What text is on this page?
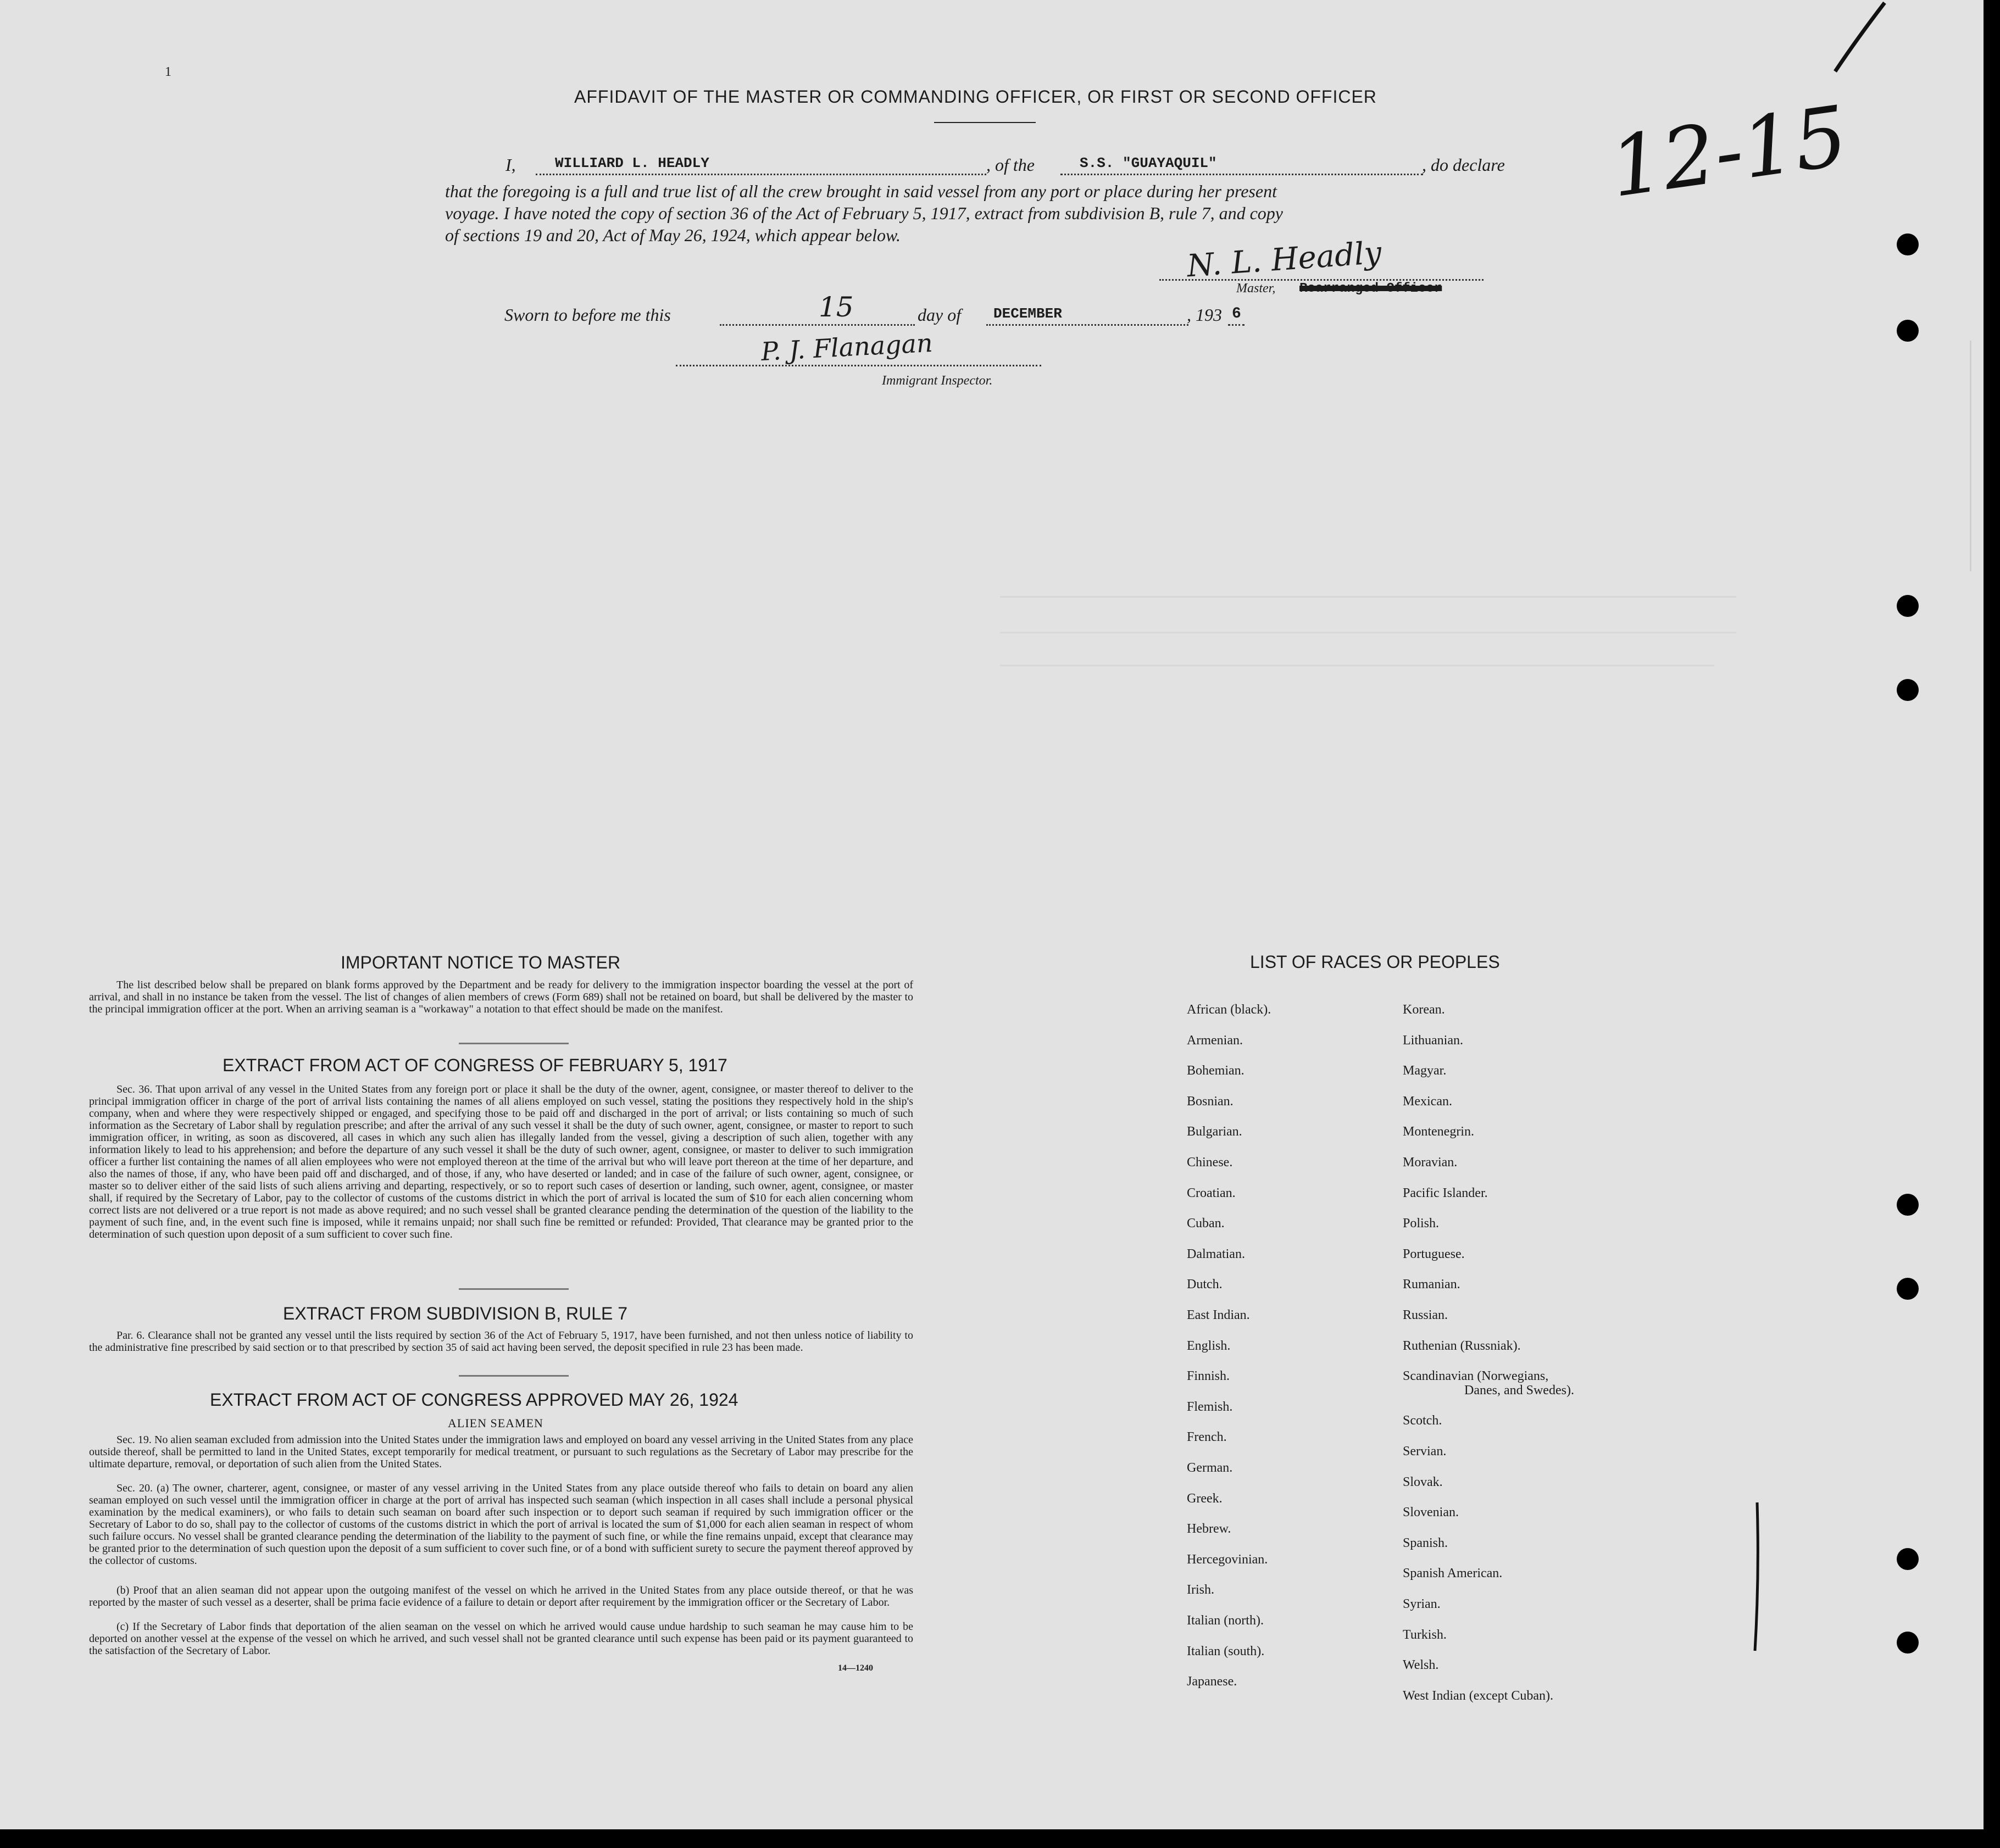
1
12-15
AFFIDAVIT OF THE MASTER OR COMMANDING OFFICER, OR FIRST OR SECOND OFFICER
I,	WILLIARD L. HEADLY	, of the	S.S. "GUAYAQUIL"	, do declare
that the foregoing is a full and true list of all the crew brought in said vessel from any port or place during her present
voyage. I have noted the copy of section 36 of the Act of February 5, 1917, extract from subdivision B, rule 7, and copy
of sections 19 and 20, Act of May 26, 1924, which appear below.	N. L. Headly
Master, Rearranged Officer
Sworn to before me this	15	day of DECEMBER	, 193 6
P. J. Flanagan
Immigrant Inspector.
IMPORTANT NOTICE TO MASTER
The list described below shall be prepared on blank forms approved by the Department and be ready for delivery to the immigration inspector boarding the vessel at the port of arrival, and shall in no instance be taken from the vessel. The list of changes of alien members of crews (Form 689) shall not be retained on board, but shall be delivered by the master to the principal immigration officer at the port. When an arriving seaman is a "workaway" a notation to that effect should be made on the manifest.
EXTRACT FROM ACT OF CONGRESS OF FEBRUARY 5, 1917
Sec. 36. That upon arrival of any vessel in the United States from any foreign port or place it shall be the duty of the owner, agent, consignee, or master thereof to deliver to the principal immigration officer in charge of the port of arrival lists containing the names of all aliens employed on such vessel, stating the positions they respectively hold in the ship's company, when and where they were respectively shipped or engaged, and specifying those to be paid off and discharged in the port of arrival; or lists containing so much of such information as the Secretary of Labor shall by regulation prescribe; and after the arrival of any such vessel it shall be the duty of such owner, agent, consignee, or master to report to such immigration officer, in writing, as soon as discovered, all cases in which any such alien has illegally landed from the vessel, giving a description of such alien, together with any information likely to lead to his apprehension; and before the departure of any such vessel it shall be the duty of such owner, agent, consignee, or master to deliver to such immigration officer a further list containing the names of all alien employees who were not employed thereon at the time of the arrival but who will leave port thereon at the time of her departure, and also the names of those, if any, who have been paid off and discharged, and of those, if any, who have deserted or landed; and in case of the failure of such owner, agent, consignee, or master so to deliver either of the said lists of such aliens arriving and departing, respectively, or so to report such cases of desertion or landing, such owner, agent, consignee, or master shall, if required by the Secretary of Labor, pay to the collector of customs of the customs district in which the port of arrival is located the sum of $10 for each alien concerning whom correct lists are not delivered or a true report is not made as above required; and no such vessel shall be granted clearance pending the determination of the question of the liability to the payment of such fine, and, in the event such fine is imposed, while it remains unpaid; nor shall such fine be remitted or refunded: Provided, That clearance may be granted prior to the determination of such question upon deposit of a sum sufficient to cover such fine.
EXTRACT FROM SUBDIVISION B, RULE 7
Par. 6. Clearance shall not be granted any vessel until the lists required by section 36 of the Act of February 5, 1917, have been furnished, and not then unless notice of liability to the administrative fine prescribed by said section or to that prescribed by section 35 of said act having been served, the deposit specified in rule 23 has been made.
EXTRACT FROM ACT OF CONGRESS APPROVED MAY 26, 1924
ALIEN SEAMEN
Sec. 19. No alien seaman excluded from admission into the United States under the immigration laws and employed on board any vessel arriving in the United States from any place outside thereof, shall be permitted to land in the United States, except temporarily for medical treatment, or pursuant to such regulations as the Secretary of Labor may prescribe for the ultimate departure, removal, or deportation of such alien from the United States.
Sec. 20. (a) The owner, charterer, agent, consignee, or master of any vessel arriving in the United States from any place outside thereof who fails to detain on board any alien seaman employed on such vessel until the immigration officer in charge at the port of arrival has inspected such seaman (which inspection in all cases shall include a personal physical examination by the medical examiners), or who fails to detain such seaman on board after such inspection or to deport such seaman if required by such immigration officer or the Secretary of Labor to do so, shall pay to the collector of customs of the customs district in which the port of arrival is located the sum of $1,000 for each alien seaman in respect of whom such failure occurs. No vessel shall be granted clearance pending the determination of the liability to the payment of such fine, or while the fine remains unpaid, except that clearance may be granted prior to the determination of such question upon the deposit of a sum sufficient to cover such fine, or of a bond with sufficient surety to secure the payment thereof approved by the collector of customs.
(b) Proof that an alien seaman did not appear upon the outgoing manifest of the vessel on which he arrived in the United States from any place outside thereof, or that he was reported by the master of such vessel as a deserter, shall be prima facie evidence of a failure to detain or deport after requirement by the immigration officer or the Secretary of Labor.
(c) If the Secretary of Labor finds that deportation of the alien seaman on the vessel on which he arrived would cause undue hardship to such seaman he may cause him to be deported on another vessel at the expense of the vessel on which he arrived, and such vessel shall not be granted clearance until such expense has been paid or its payment guaranteed to the satisfaction of the Secretary of Labor.
14—1240
LIST OF RACES OR PEOPLES
African (black).
Armenian.
Bohemian.
Bosnian.
Bulgarian.
Chinese.
Croatian.
Cuban.
Dalmatian.
Dutch.
East Indian.
English.
Finnish.
Flemish.
French.
German.
Greek.
Hebrew.
Hercegovinian.
Irish.
Italian (north).
Italian (south).
Japanese.
Korean.
Lithuanian.
Magyar.
Mexican.
Montenegrin.
Moravian.
Pacific Islander.
Polish.
Portuguese.
Rumanian.
Russian.
Ruthenian (Russniak).
Scandinavian (Norwegians,
Danes, and Swedes).
Scotch.
Servian.
Slovak.
Slovenian.
Spanish.
Spanish American.
Syrian.
Turkish.
Welsh.
West Indian (except Cuban).
